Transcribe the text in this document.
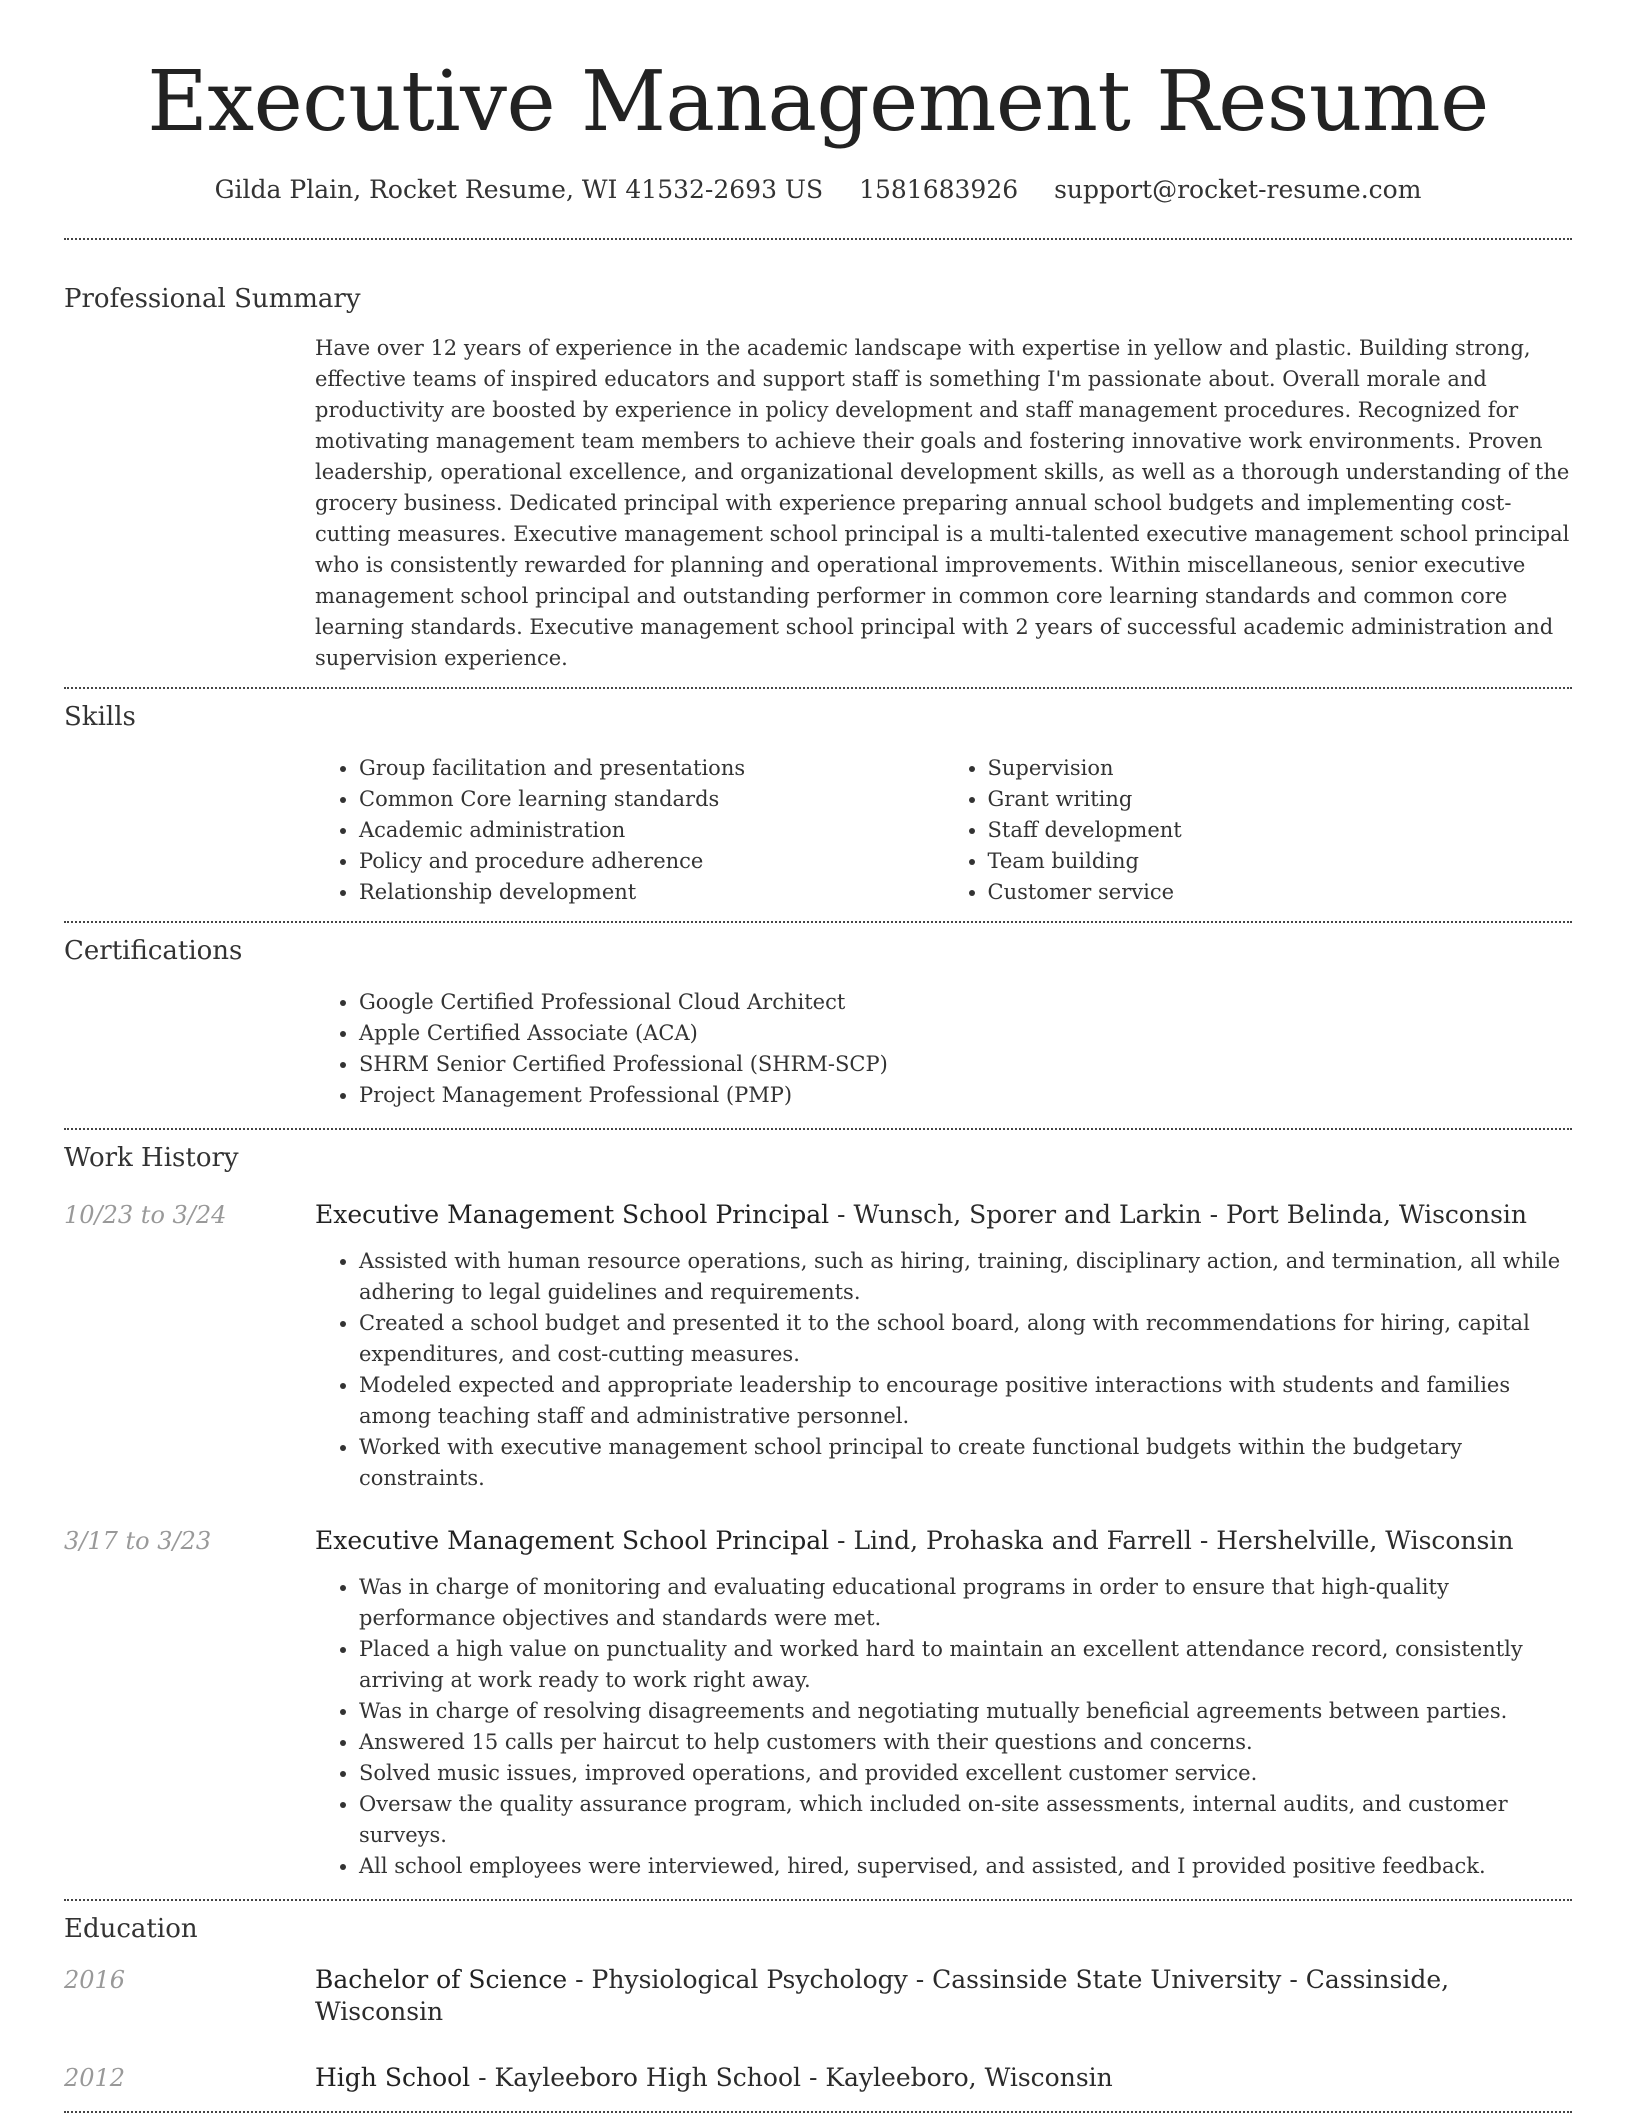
Executive Management Resume
Gilda Plain, Rocket Resume, WI 41532-2693 US 1581683926 support@rocket-resume.com
Professional Summary

Have over 12 years of experience in the academic landscape with expertise in yellow and plastic. Building strong, effective teams of inspired educators and support staff is something I'm passionate about. Overall morale and productivity are boosted by experience in policy development and staff management procedures. Recognized for motivating management team members to achieve their goals and fostering innovative work environments. Proven leadership, operational excellence, and organizational development skills, as well as a thorough understanding of the grocery business. Dedicated principal with experience preparing annual school budgets and implementing cost-cutting measures. Executive management school principal is a multi-talented executive management school principal who is consistently rewarded for planning and operational improvements. Within miscellaneous, senior executive management school principal and outstanding performer in common core learning standards and common core learning standards. Executive management school principal with 2 years of successful academic administration and supervision experience.

Skills
• Group facilitation and presentations
• Common Core learning standards
• Academic administration
• Policy and procedure adherence
• Relationship development
• Supervision
• Grant writing
• Staff development
• Team building
• Customer service
Certifications
• Google Certified Professional Cloud Architect
• Apple Certified Associate (ACA)
• SHRM Senior Certified Professional (SHRM-SCP)
• Project Management Professional (PMP)
Work History
10/23 to 3/24	Executive Management School Principal - Wunsch, Sporer and Larkin - Port Belinda, Wisconsin
• Assisted with human resource operations, such as hiring, training, disciplinary action, and termination, all while adhering to legal guidelines and requirements.
• Created a school budget and presented it to the school board, along with recommendations for hiring, capital expenditures, and cost-cutting measures.
• Modeled expected and appropriate leadership to encourage positive interactions with students and families among teaching staff and administrative personnel.
• Worked with executive management school principal to create functional budgets within the budgetary constraints.
3/17 to 3/23	Executive Management School Principal - Lind, Prohaska and Farrell - Hershelville, Wisconsin
• Was in charge of monitoring and evaluating educational programs in order to ensure that high-quality performance objectives and standards were met.
• Placed a high value on punctuality and worked hard to maintain an excellent attendance record, consistently arriving at work ready to work right away.
• Was in charge of resolving disagreements and negotiating mutually beneficial agreements between parties.
• Answered 15 calls per haircut to help customers with their questions and concerns.
• Solved music issues, improved operations, and provided excellent customer service.
• Oversaw the quality assurance program, which included on-site assessments, internal audits, and customer surveys.
• All school employees were interviewed, hired, supervised, and assisted, and I provided positive feedback.
Education
2016	Bachelor of Science - Physiological Psychology - Cassinside State University - Cassinside, Wisconsin
2012	High School - Kayleeboro High School - Kayleeboro, Wisconsin
